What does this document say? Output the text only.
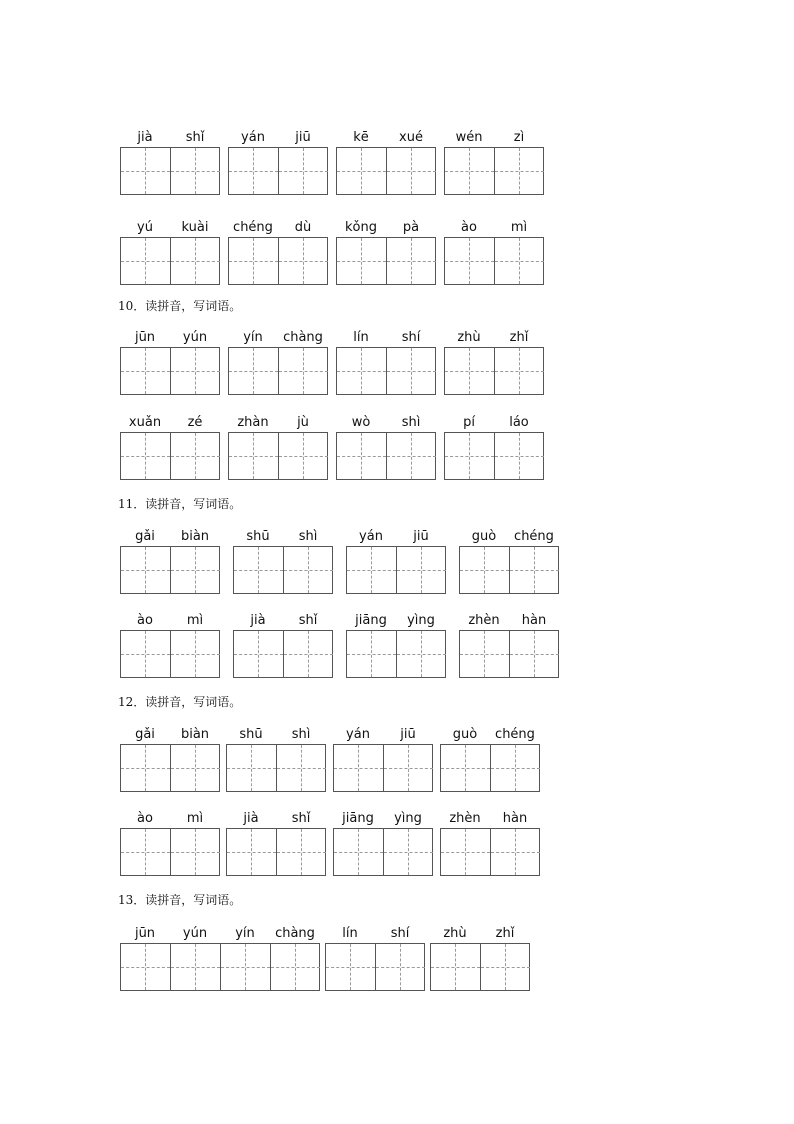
jià	shǐ	yán	jiū	kē	xué	wén	zì
yú	kuài	chéng	dù	kǒng	pà	ào	mì
10．读拼音，写词语。
jūn	yún	yín	chàng	lín	shí	zhù	zhǐ
xuǎn	zé	zhàn	jù	wò	shì	pí	láo
11．读拼音，写词语。
gǎi	biàn	shū	shì	yán	jiū	guò	chéng
ào	mì	jià	shǐ	jiāng	yìng	zhèn	hàn
12．读拼音，写词语。
gǎi	biàn	shū	shì	yán	jiū	guò	chéng
ào	mì	jià	shǐ	jiāng	yìng	zhèn	hàn
13．读拼音，写词语。
jūn	yún	yín	chàng	lín	shí	zhù	zhǐ
